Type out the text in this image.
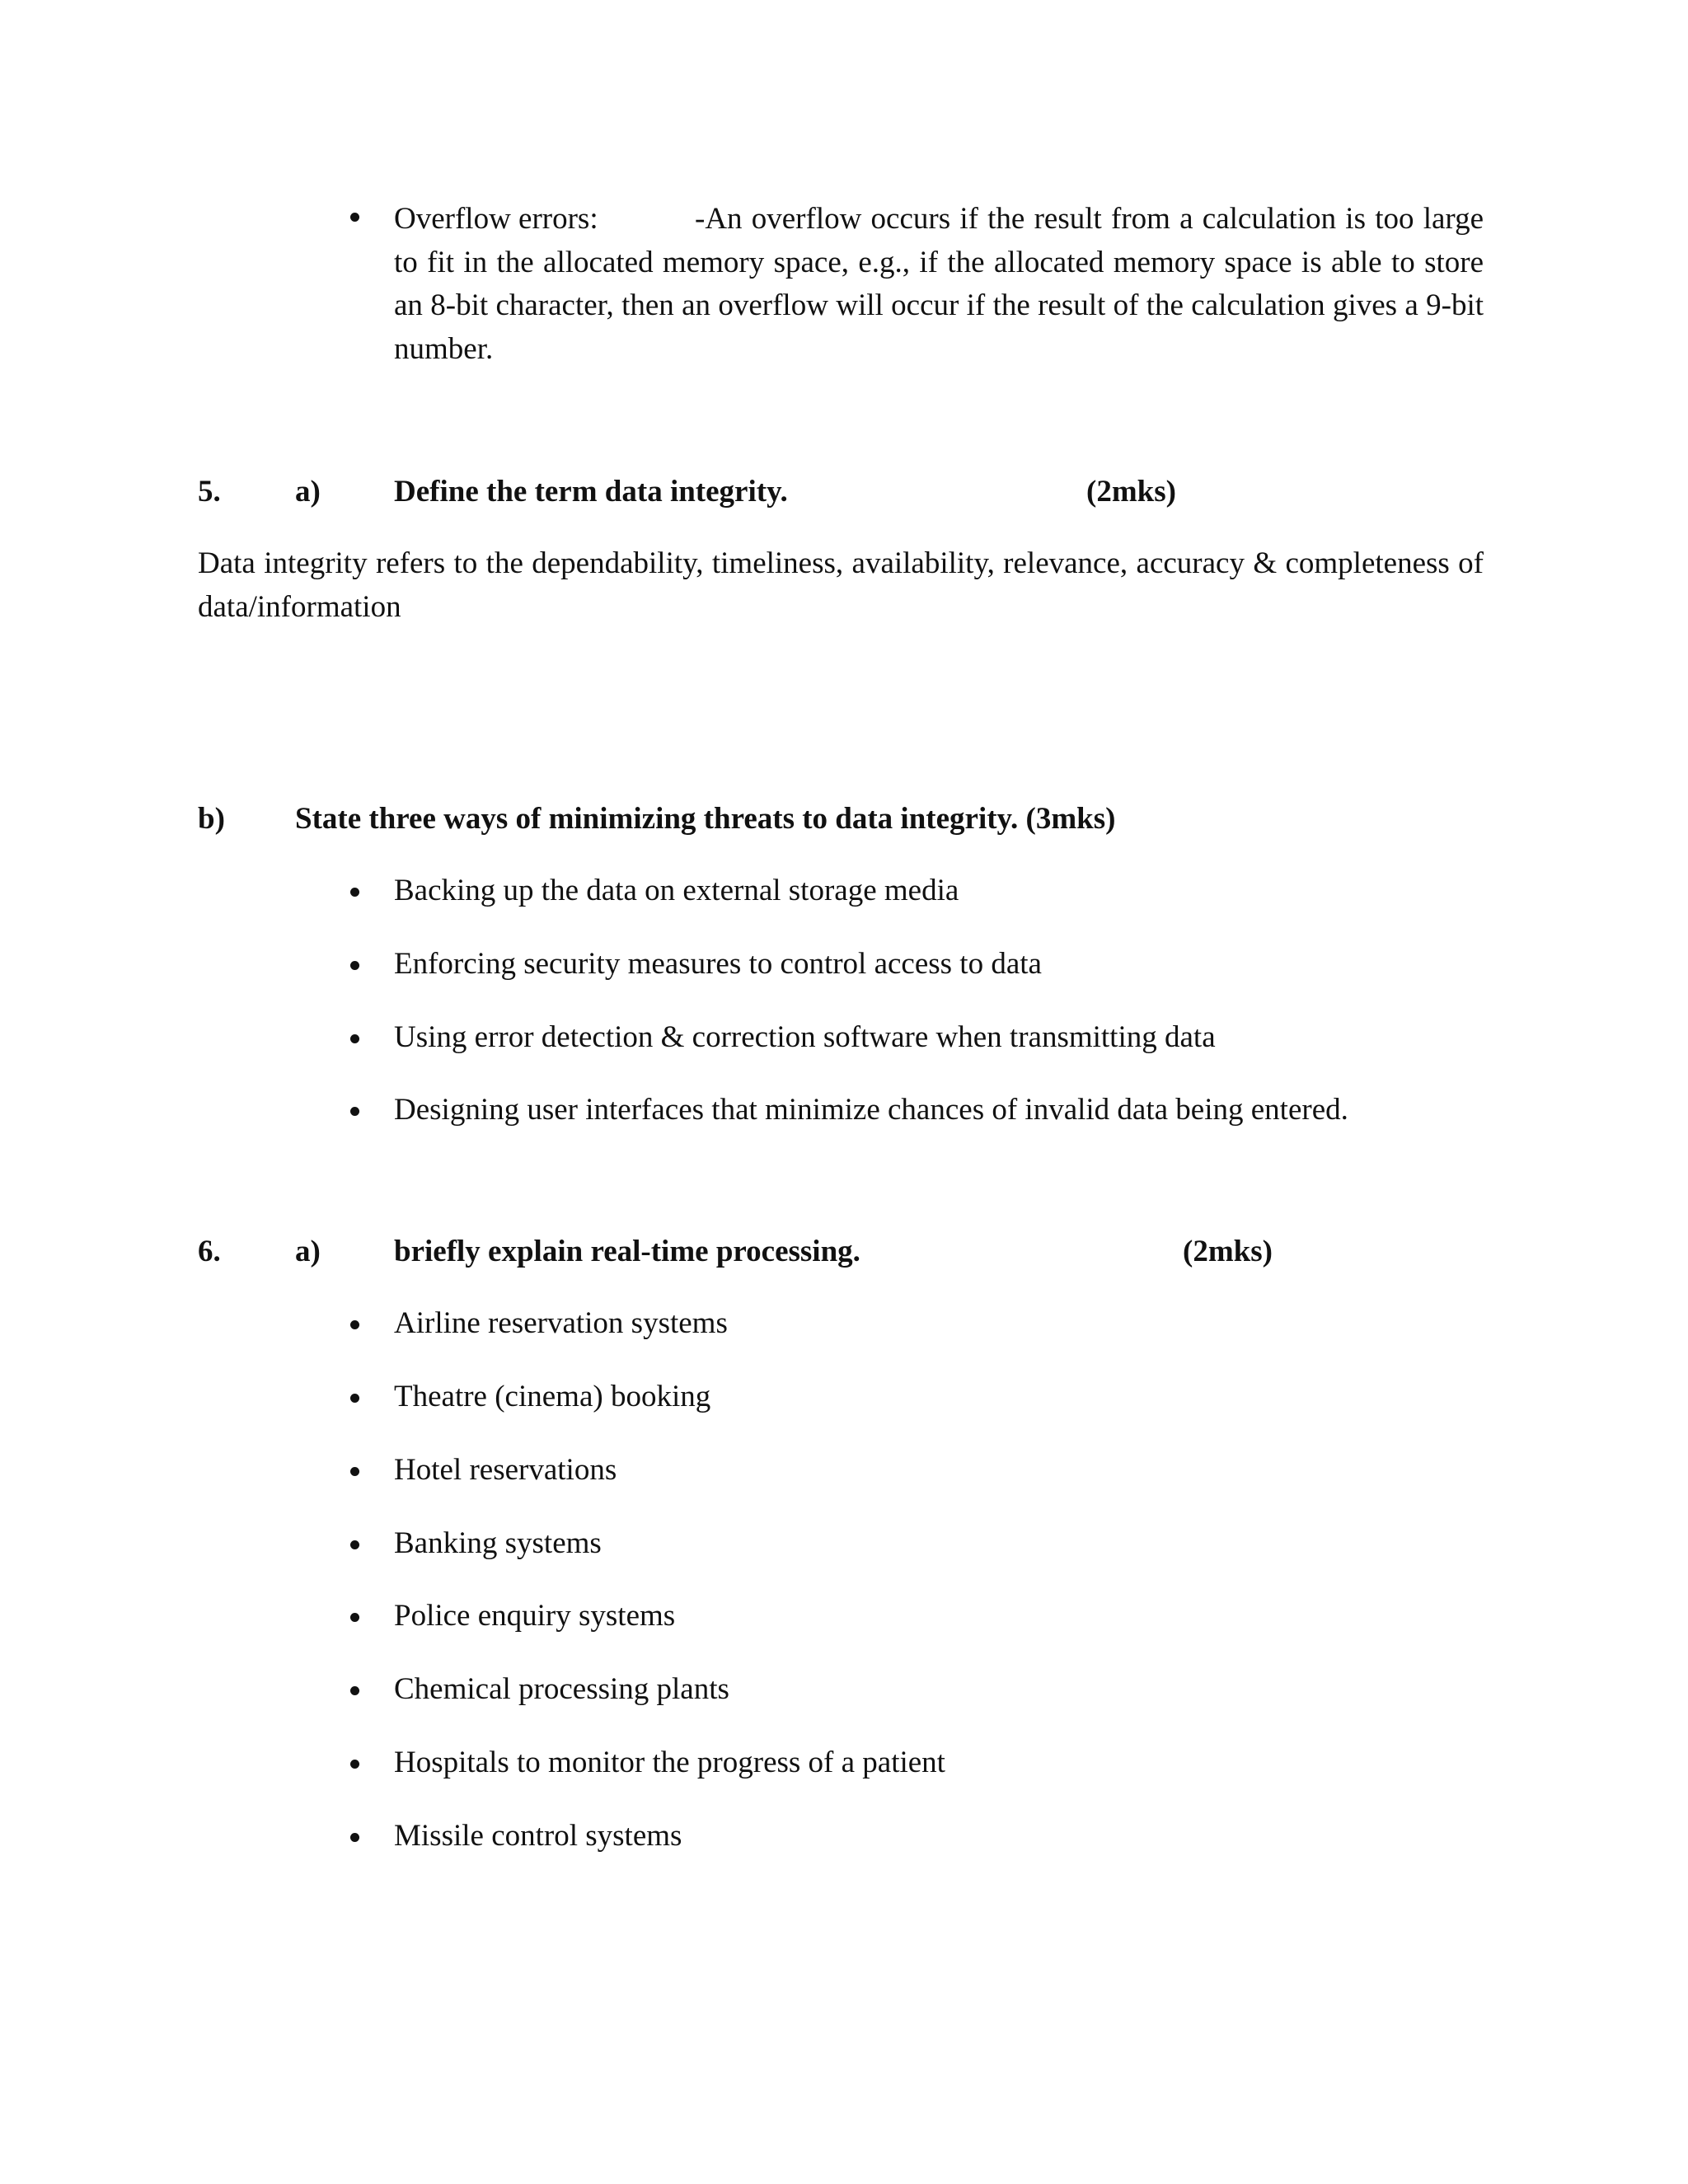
Overflow errors:	-An overflow occurs if the result from a calculation is too large to fit in the allocated memory space, e.g., if the allocated memory space is able to store an 8-bit character, then an overflow will occur if the result of the calculation gives a 9-bit number.
5. a) Define the term data integrity.	(2mks)
Data integrity refers to the dependability, timeliness, availability, relevance, accuracy & completeness of data/information
b) State three ways of minimizing threats to data integrity. (3mks)
Backing up the data on external storage media
Enforcing security measures to control access to data
Using error detection & correction software when transmitting data
Designing user interfaces that minimize chances of invalid data being entered.
6. a) briefly explain real-time processing.	(2mks)
Airline reservation systems
Theatre (cinema) booking
Hotel reservations
Banking systems
Police enquiry systems
Chemical processing plants
Hospitals to monitor the progress of a patient
Missile control systems
